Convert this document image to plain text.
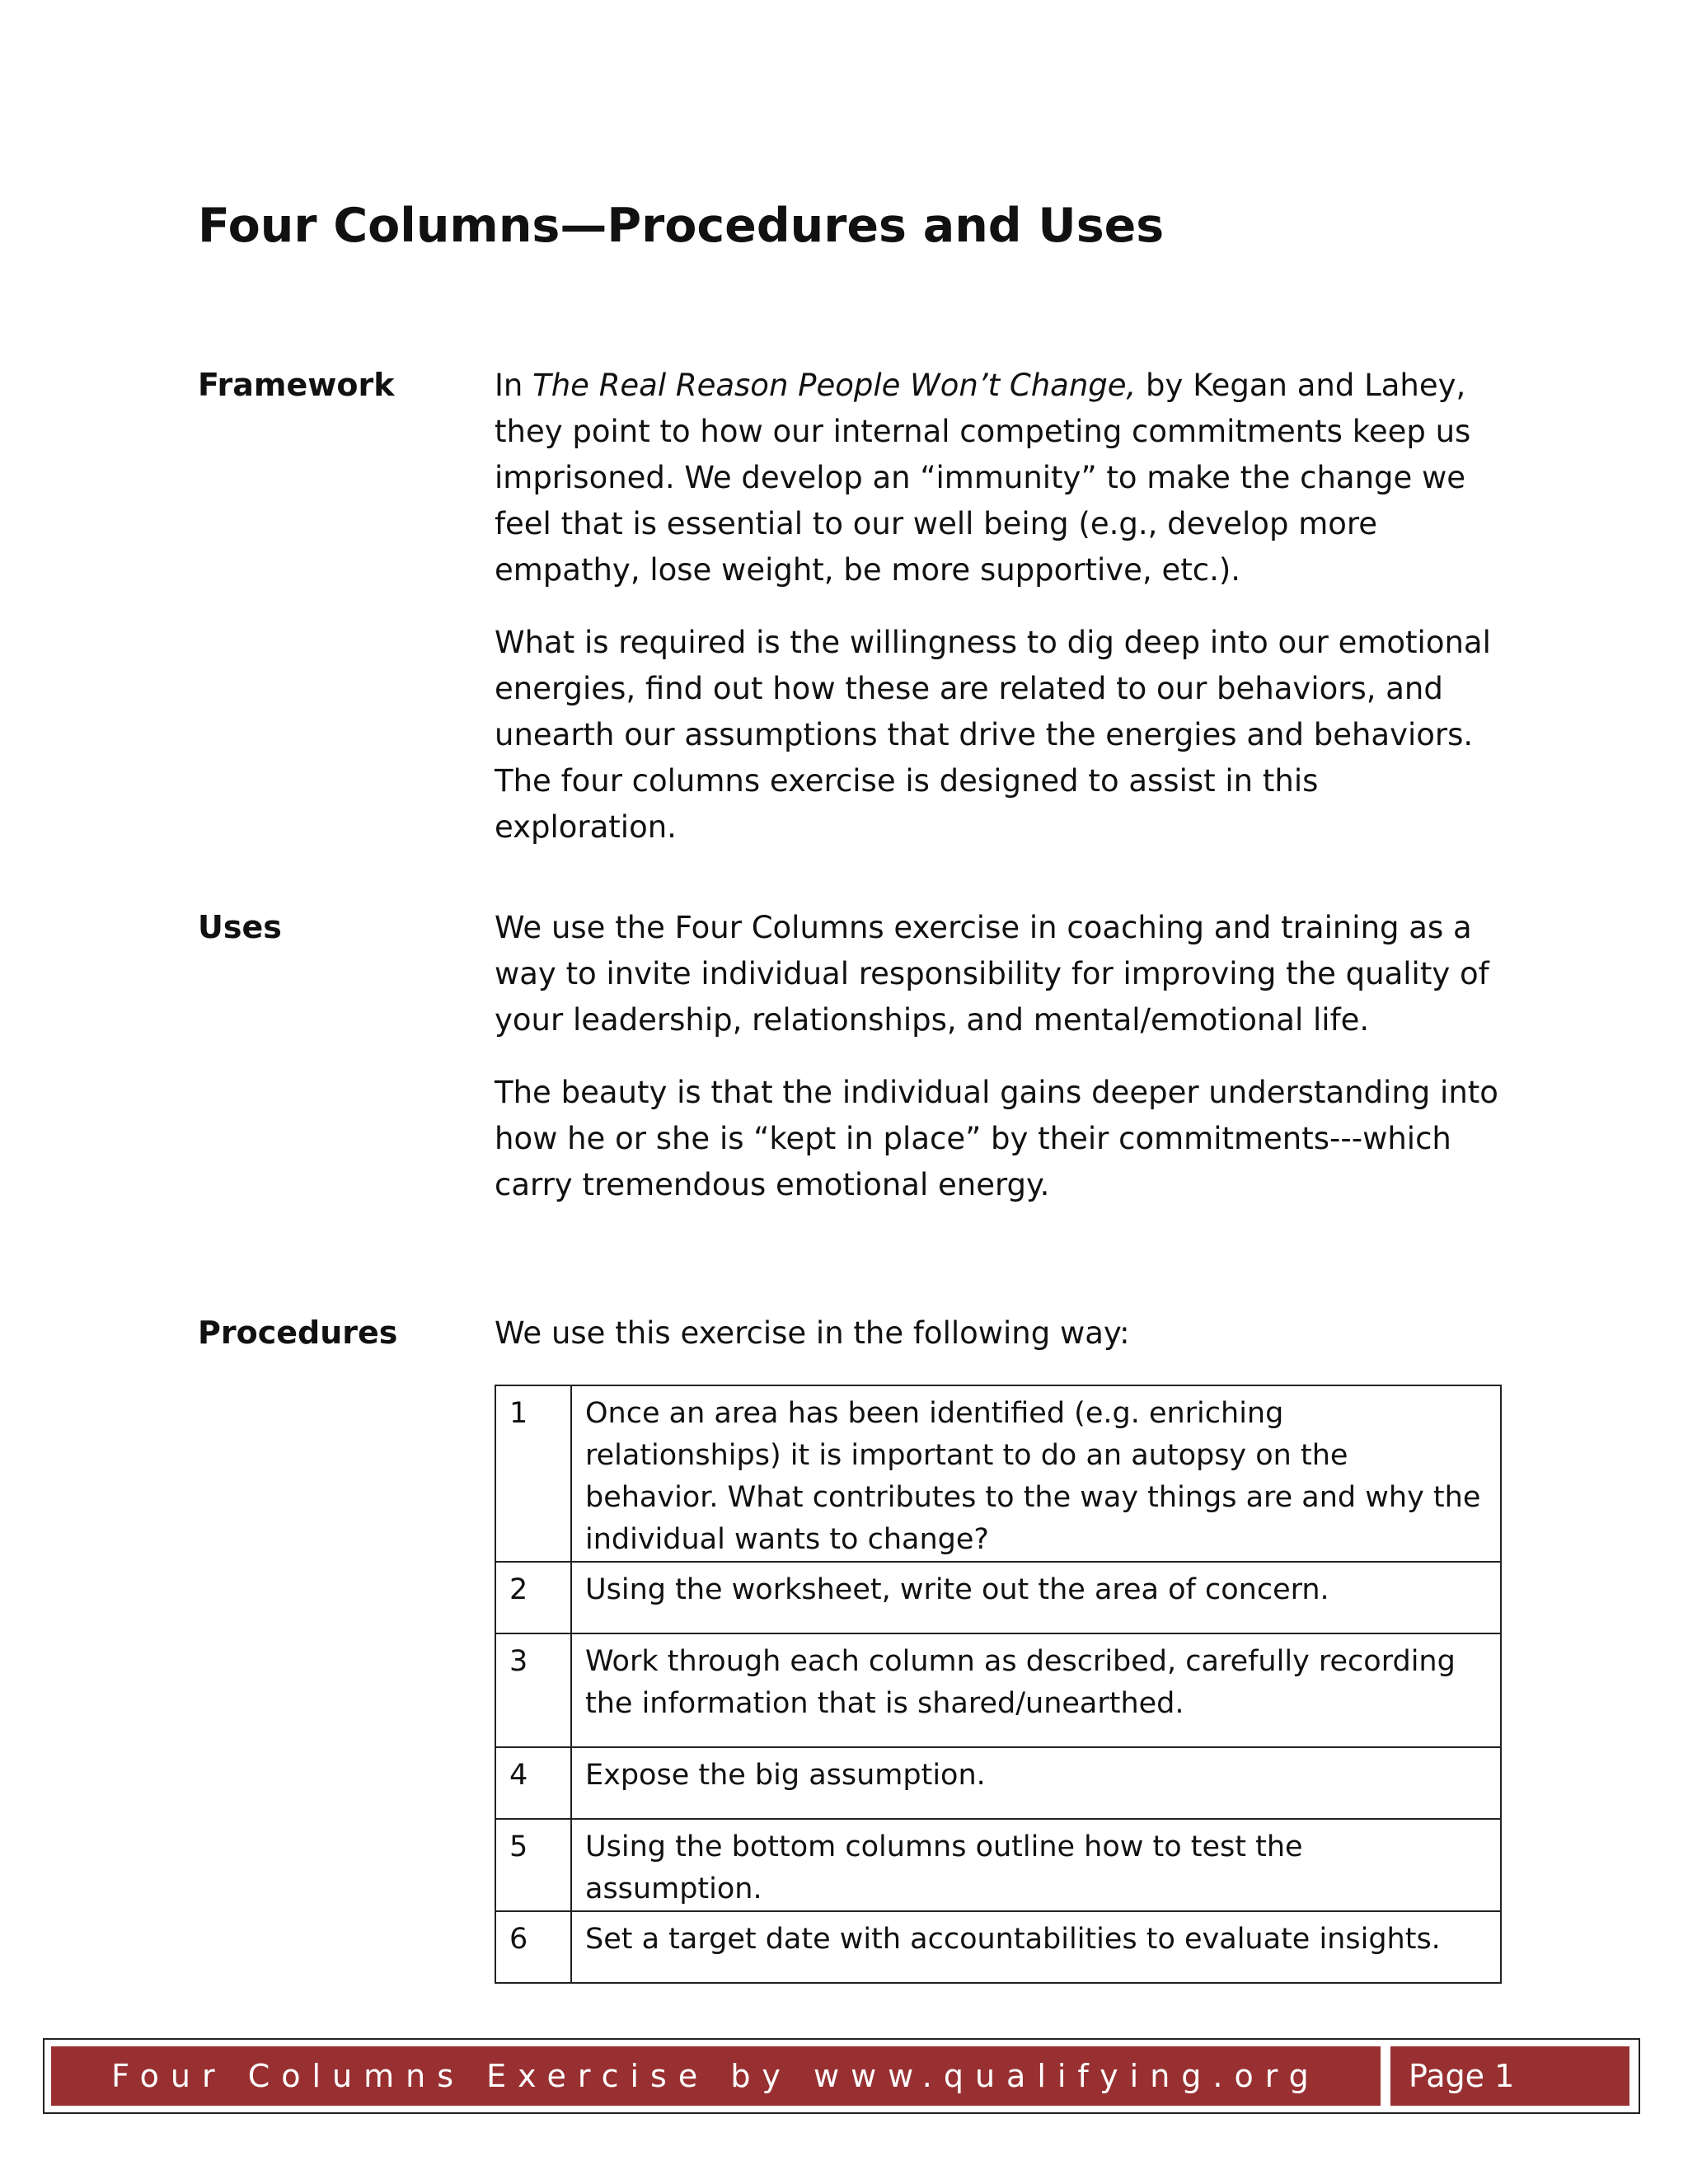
Four Columns—Procedures and Uses
Framework	In The Real Reason People Won’t Change, by Kegan and Lahey, they point to how our internal competing commitments keep us imprisoned. We develop an “immunity” to make the change we feel that is essential to our well being (e.g., develop more empathy, lose weight, be more supportive, etc.).

What is required is the willingness to dig deep into our emotional energies, find out how these are related to our behaviors, and unearth our assumptions that drive the energies and behaviors. The four columns exercise is designed to assist in this exploration.

Uses	We use the Four Columns exercise in coaching and training as a way to invite individual responsibility for improving the quality of your leadership, relationships, and mental/emotional life.

The beauty is that the individual gains deeper understanding into how he or she is “kept in place” by their commitments---which carry tremendous emotional energy.

Procedures	We use this exercise in the following way:
1	Once an area has been identified (e.g. enriching relationships) it is important to do an autopsy on the behavior. What contributes to the way things are and why the individual wants to change?
2	Using the worksheet, write out the area of concern.
3	Work through each column as described, carefully recording the information that is shared/unearthed.
4	Expose the big assumption.
5	Using the bottom columns outline how to test the assumption.
6	Set a target date with accountabilities to evaluate insights.
Four Columns Exercise by www.qualifying.org	Page 1
